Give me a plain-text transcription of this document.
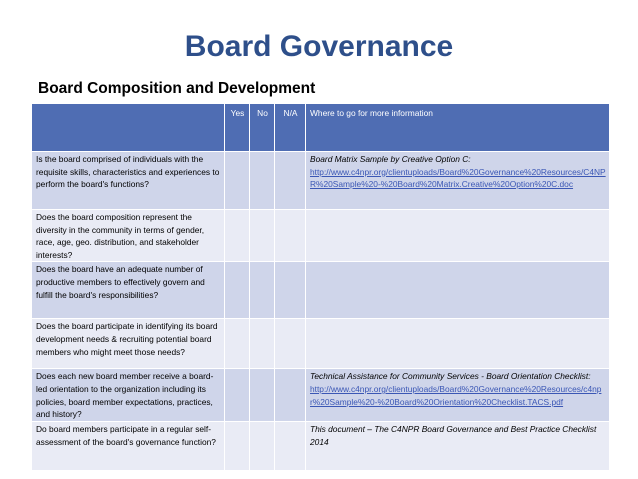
Board Governance
Board Composition and Development
	Yes	No	N/A	Where to go for more information
Is the board comprised of individuals with the requisite skills, characteristics and experiences to perform the board's functions?				Board Matrix Sample by Creative Option C:
http://www.c4npr.org/clientuploads/Board%20Governance%20Resources/C4NPR%20Sample%20-%20Board%20Matrix.Creative%20Option%20C.doc

Does the board composition represent the diversity in the community in terms of gender, race, age, geo. distribution, and stakeholder interests?				
Does the board have an adequate number of productive members to effectively govern and fulfill the board's responsibilities?				
Does the board participate in identifying its board development needs & recruiting potential board members who might meet those needs?				
Does each new board member receive a board-led orientation to the organization including its policies, board member expectations, practices, and history?				Technical Assistance for Community Services - Board Orientation Checklist:
http://www.c4npr.org/clientuploads/Board%20Governance%20Resources/c4npr%20Sample%20-%20Board%20Orientation%20Checklist.TACS.pdf

Do board members participate in a regular self-assessment of the board's governance function?				This document – The C4NPR Board Governance and Best Practice Checklist 2014
